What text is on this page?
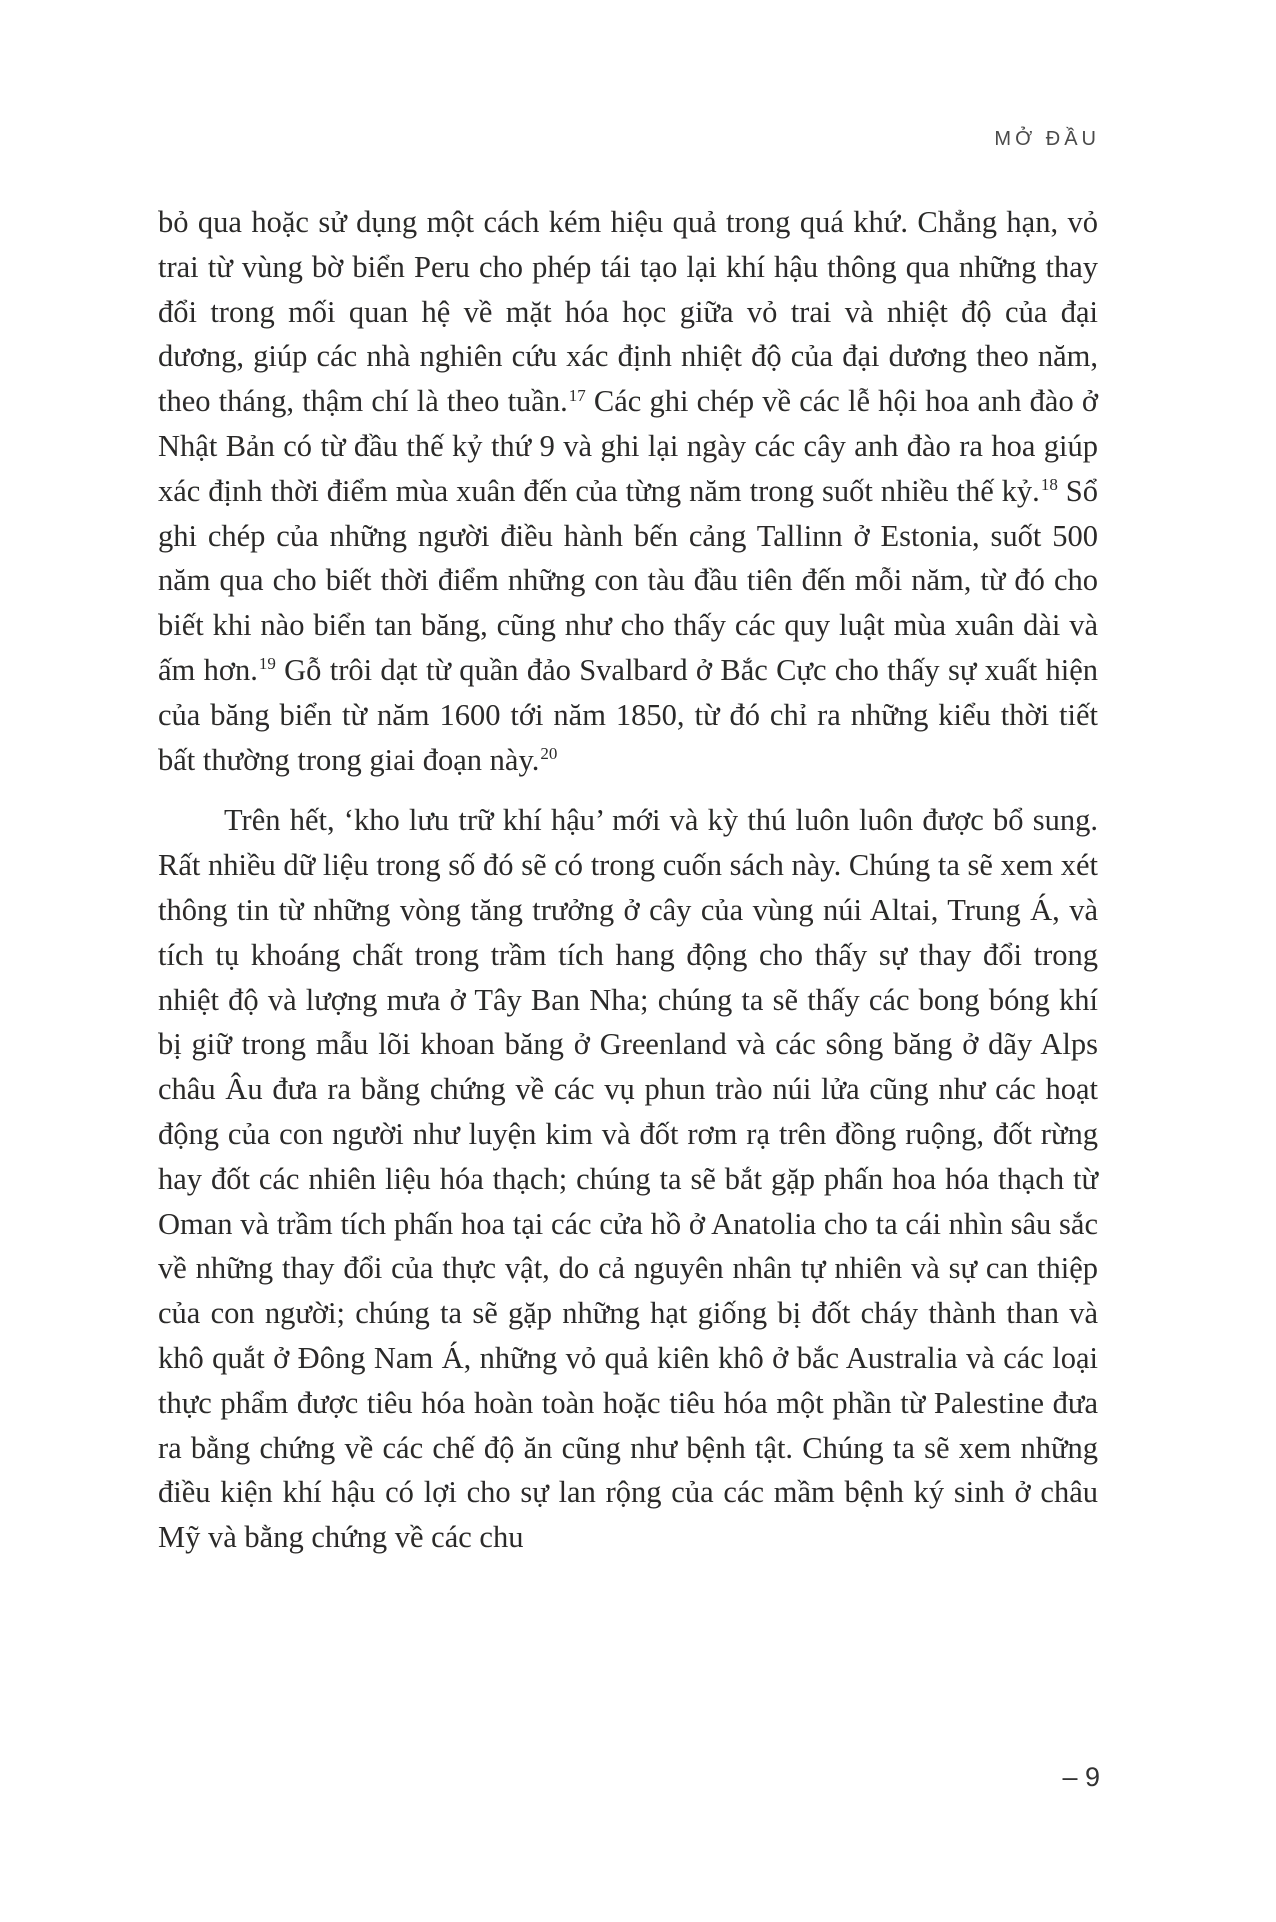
MỞ ĐẦU

bỏ qua hoặc sử dụng một cách kém hiệu quả trong quá khứ. Chẳng hạn, vỏ trai từ vùng bờ biển Peru cho phép tái tạo lại khí hậu thông qua những thay đổi trong mối quan hệ về mặt hóa học giữa vỏ trai và nhiệt độ của đại dương, giúp các nhà nghiên cứu xác định nhiệt độ của đại dương theo năm, theo tháng, thậm chí là theo tuần.$^{17}$ Các ghi chép về các lễ hội hoa anh đào ở Nhật Bản có từ đầu thế kỷ thứ 9 và ghi lại ngày các cây anh đào ra hoa giúp xác định thời điểm mùa xuân đến của từng năm trong suốt nhiều thế kỷ.$^{18}$ Sổ ghi chép của những người điều hành bến cảng Tallinn ở Estonia, suốt 500 năm qua cho biết thời điểm những con tàu đầu tiên đến mỗi năm, từ đó cho biết khi nào biển tan băng, cũng như cho thấy các quy luật mùa xuân dài và ấm hơn.$^{19}$ Gỗ trôi dạt từ quần đảo Svalbard ở Bắc Cực cho thấy sự xuất hiện của băng biển từ năm 1600 tới năm 1850, từ đó chỉ ra những kiểu thời tiết bất thường trong giai đoạn này.$^{20}$

Trên hết, ‘kho lưu trữ khí hậu’ mới và kỳ thú luôn luôn được bổ sung. Rất nhiều dữ liệu trong số đó sẽ có trong cuốn sách này. Chúng ta sẽ xem xét thông tin từ những vòng tăng trưởng ở cây của vùng núi Altai, Trung Á, và tích tụ khoáng chất trong trầm tích hang động cho thấy sự thay đổi trong nhiệt độ và lượng mưa ở Tây Ban Nha; chúng ta sẽ thấy các bong bóng khí bị giữ trong mẫu lõi khoan băng ở Greenland và các sông băng ở dãy Alps châu Âu đưa ra bằng chứng về các vụ phun trào núi lửa cũng như các hoạt động của con người như luyện kim và đốt rơm rạ trên đồng ruộng, đốt rừng hay đốt các nhiên liệu hóa thạch; chúng ta sẽ bắt gặp phấn hoa hóa thạch từ Oman và trầm tích phấn hoa tại các cửa hồ ở Anatolia cho ta cái nhìn sâu sắc về những thay đổi của thực vật, do cả nguyên nhân tự nhiên và sự can thiệp của con người; chúng ta sẽ gặp những hạt giống bị đốt cháy thành than và khô quắt ở Đông Nam Á, những vỏ quả kiên khô ở bắc Australia và các loại thực phẩm được tiêu hóa hoàn toàn hoặc tiêu hóa một phần từ Palestine đưa ra bằng chứng về các chế độ ăn cũng như bệnh tật. Chúng ta sẽ xem những điều kiện khí hậu có lợi cho sự lan rộng của các mầm bệnh ký sinh ở châu Mỹ và bằng chứng về các chu

– 9
